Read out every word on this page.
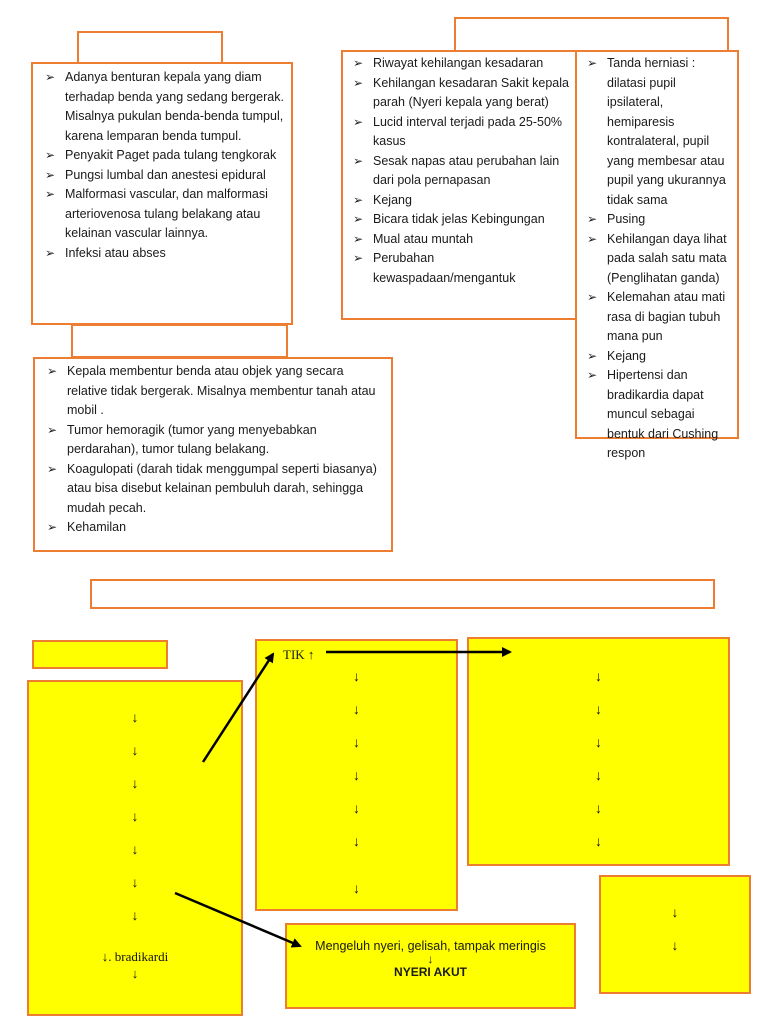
➢ Adanya benturan kepala yang diam terhadap benda yang sedang bergerak. Misalnya pukulan benda-benda tumpul, karena lemparan benda tumpul.
➢ Penyakit Paget pada tulang tengkorak
➢ Pungsi lumbal dan anestesi epidural
➢ Malformasi vascular, dan malformasi arteriovenosa tulang belakang atau kelainan vascular lainnya.
➢ Infeksi atau abses
➢ Kepala membentur benda atau objek yang secara relative tidak bergerak. Misalnya membentur tanah atau mobil .
➢ Tumor hemoragik (tumor yang menyebabkan perdarahan), tumor tulang belakang.
➢ Koagulopati (darah tidak menggumpal seperti biasanya) atau bisa disebut kelainan pembuluh darah, sehingga mudah pecah.
➢ Kehamilan
➢ Riwayat kehilangan kesadaran
➢ Kehilangan kesadaran Sakit kepala parah (Nyeri kepala yang berat)
➢ Lucid interval terjadi pada 25-50% kasus
➢ Sesak napas atau perubahan lain dari pola pernapasan
➢ Kejang
➢ Bicara tidak jelas Kebingungan
➢ Mual atau muntah
➢ Perubahan kewaspadaan/mengantuk
➢ Tanda herniasi : dilatasi pupil ipsilateral, hemiparesis kontralateral, pupil yang membesar atau pupil yang ukurannya tidak sama
➢ Pusing
➢ Kehilangan daya lihat pada salah satu mata (Penglihatan ganda)
➢ Kelemahan atau mati rasa di bagian tubuh mana pun
➢ Kejang
➢ Hipertensi dan bradikardia dapat muncul sebagai bentuk dari Cushing respon
↓
↓
↓
↓
↓
↓
↓
↓. bradikardi
↓
TIK ↑
↓
↓
↓
↓
↓
↓
↓
↓
↓
↓
↓
↓
↓
↓
↓
Mengeluh nyeri, gelisah, tampak meringis
↓
NYERI AKUT
